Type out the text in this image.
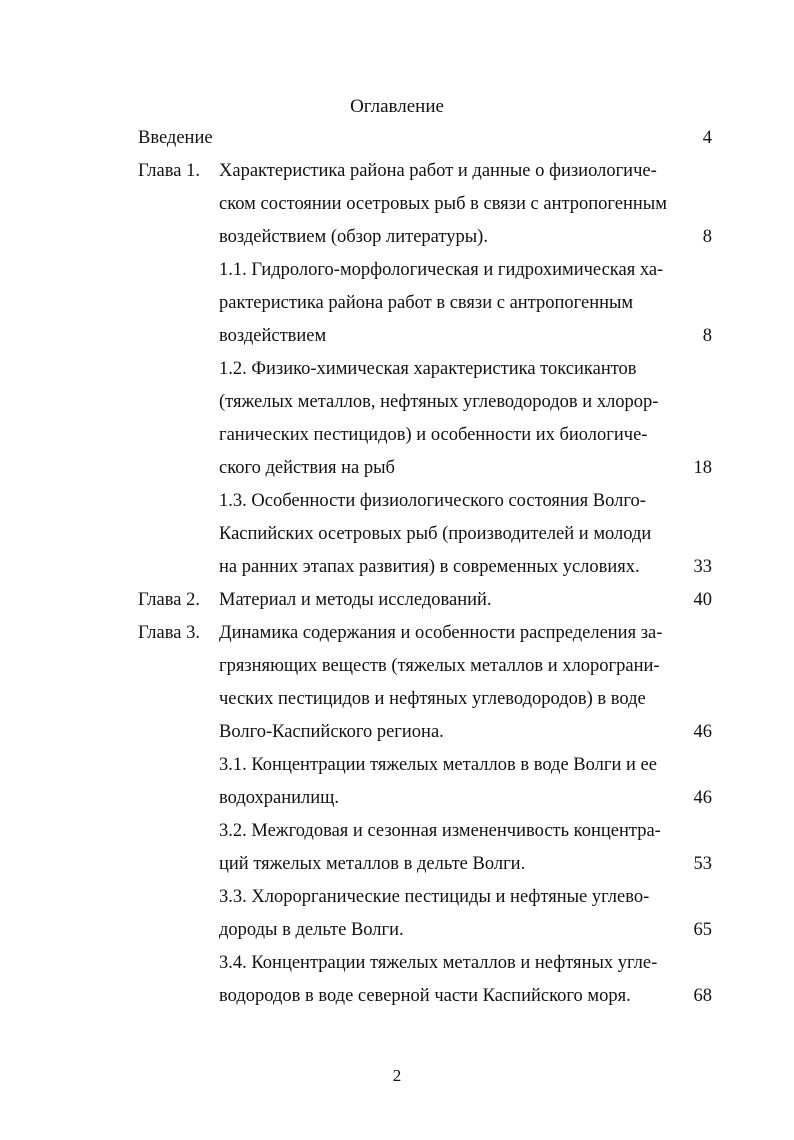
Оглавление
Введение	4
Глава 1. Характеристика района работ и данные о физиологиче-
ском состоянии осетровых рыб в связи с антропогенным
воздействием (обзор литературы).	8
1.1. Гидролого-морфологическая и гидрохимическая ха-
рактеристика района работ в связи с антропогенным
воздействием	8
1.2. Физико-химическая характеристика токсикантов
(тяжелых металлов, нефтяных углеводородов и хлорор-
ганических пестицидов) и особенности их биологиче-
ского действия на рыб	18
1.3. Особенности физиологического состояния Волго-
Каспийских осетровых рыб (производителей и молоди
на ранних этапах развития) в современных условиях.	33
Глава 2. Материал и методы исследований.	40
Глава 3. Динамика содержания и особенности распределения за-
грязняющих веществ (тяжелых металлов и хлорограни-
ческих пестицидов и нефтяных углеводородов) в воде
Волго-Каспийского региона.	46
3.1. Концентрации тяжелых металлов в воде Волги и ее
водохранилищ.	46
3.2. Межгодовая и сезонная измененчивость концентра-
ций тяжелых металлов в дельте Волги.	53
3.3. Хлорорганические пестициды и нефтяные углево-
дороды в дельте Волги.	65
3.4. Концентрации тяжелых металлов и нефтяных угле-
водородов в воде северной части Каспийского моря.	68
2
